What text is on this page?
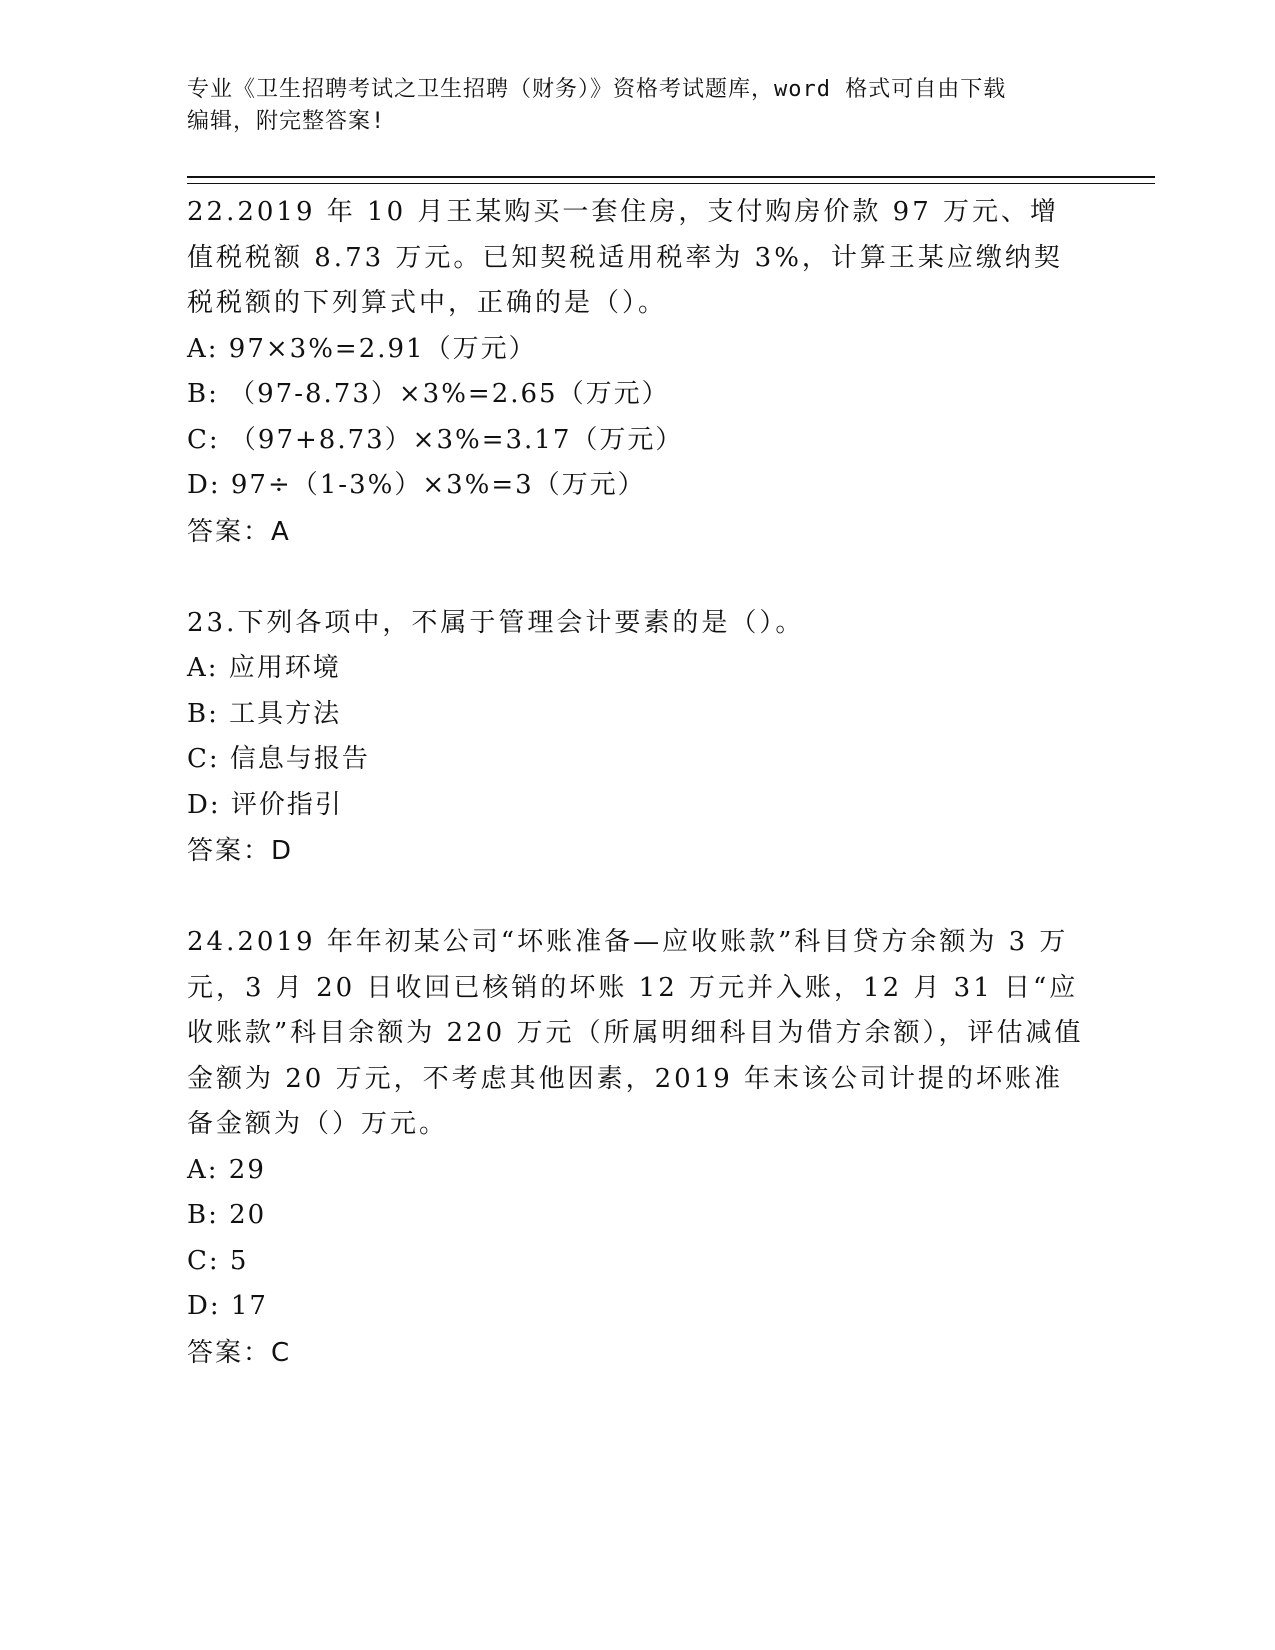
专业《卫生招聘考试之卫生招聘（财务）》资格考试题库，word 格式可自由下载
编辑，附完整答案!

22.2019 年 10 月王某购买一套住房，支付购房价款 97 万元、增值税税额 8.73 万元。已知契税适用税率为 3%，计算王某应缴纳契税税额的下列算式中，正确的是（）。

A: 97×3%=2.91（万元）
B: （97-8.73）×3%=2.65（万元）
C: （97+8.73）×3%=3.17（万元）
D: 97÷（1-3%）×3%=3（万元）
答案：A

23.下列各项中，不属于管理会计要素的是（）。

A: 应用环境
B: 工具方法
C: 信息与报告
D: 评价指引
答案：D

24.2019 年年初某公司“坏账准备—应收账款”科目贷方余额为 3 万元，3 月 20 日收回已核销的坏账 12 万元并入账，12 月 31 日“应收账款”科目余额为 220 万元（所属明细科目为借方余额），评估减值金额为 20 万元，不考虑其他因素，2019 年末该公司计提的坏账准备金额为（）万元。

A: 29
B: 20
C: 5
D: 17
答案：C
